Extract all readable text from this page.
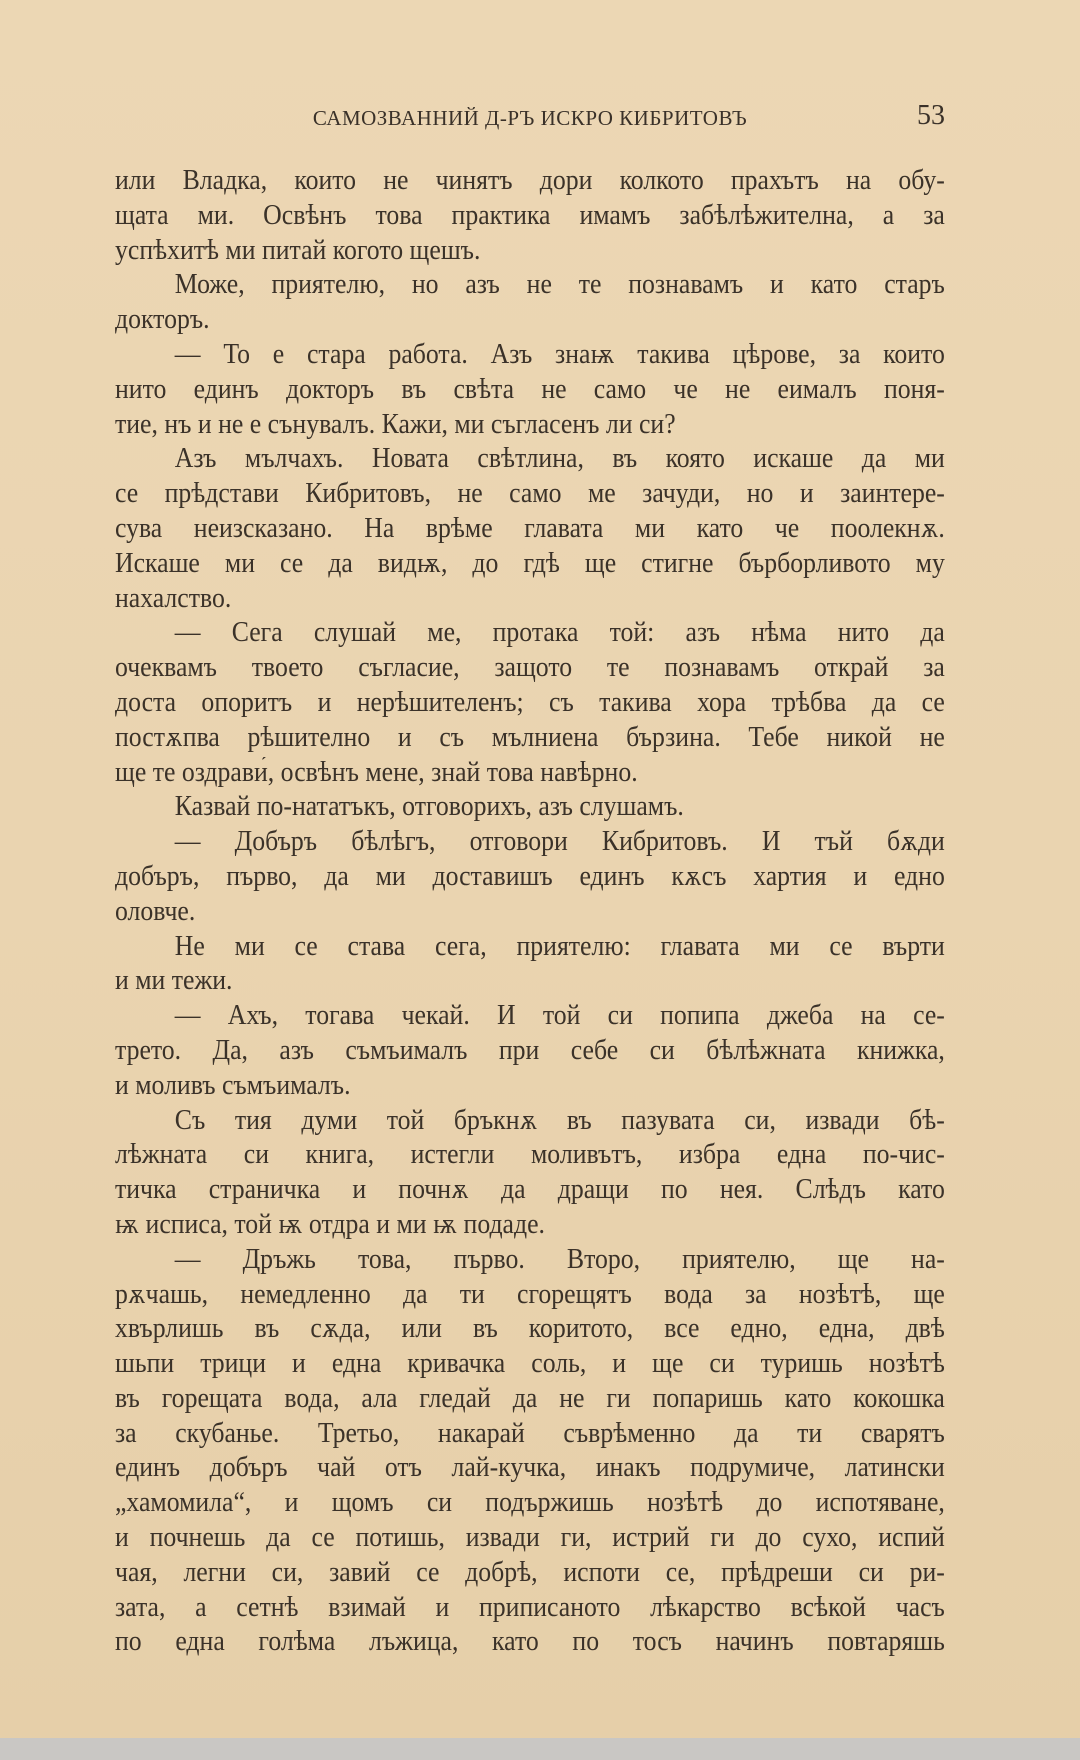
САМОЗВАННИЙ Д-РЪ ИСКРО КИБРИТОВЪ	53
или Владка, които не чинятъ дори колкото прахътъ на обу-
щата ми. Освѣнъ това практика имамъ забѣлѣжителна, а за
успѣхитѣ ми питай когото щешъ.
Може, приятелю, но азъ не те познавамъ и като старъ
докторъ.
— То е стара работа. Азъ знаѭ такива цѣрове, за които
нито единъ докторъ въ свѣта не само че не еималъ поня-
тие, нъ и не е сънувалъ. Кажи, ми съгласенъ ли си?
Азъ мълчахъ. Новата свѣтлина, въ която искаше да ми
се прѣдстави Кибритовъ, не само ме зачуди, но и заинтере-
сува неизсказано. На врѣме главата ми като че поолекнѫ.
Искаше ми се да видѭ, до гдѣ ще стигне бърборливото му
нахалство.
— Сега слушай ме, протака той: азъ нѣма нито да
очеквамъ твоето съгласие, защото те познавамъ открай за
доста опоритъ и нерѣшителенъ; съ такива хора трѣбва да се
постѫпва рѣшително и съ мълниена бързина. Тебе никой не
ще те оздрави́, освѣнъ мене, знай това навѣрно.
Казвай по-нататъкъ, отговорихъ, азъ слушамъ.
— Добъръ бѣлѣгъ, отговори Кибритовъ. И тъй бѫди
добъръ, първо, да ми доставишъ единъ кѫсъ хартия и едно
оловче.
Не ми се става сега, приятелю: главата ми се върти
и ми тежи.
— Ахъ, тогава чекай. И той си попипа джеба на се-
трето. Да, азъ съмъималъ при себе си бѣлѣжната книжка,
и моливъ съмъималъ.
Съ тия думи той бръкнѫ въ пазувата си, извади бѣ-
лѣжната си книга, истегли моливътъ, избра една по-чис-
тичка страничка и почнѫ да дращи по нея. Слѣдъ като
ѭ исписа, той ѭ отдра и ми ѭ подаде.
— Дръжь това, първо. Второ, приятелю, ще на-
рѫчашь, немедленно да ти сгорещятъ вода за нозѣтѣ, ще
хвърлишь въ сѫда, или въ коритото, все едно, една, двѣ
шьпи трици и една кривачка соль, и ще си туришь нозѣтѣ
въ горещата вода, ала гледай да не ги попаришь като кокошка
за скубанье. Третьо, накарай съврѣменно да ти сварятъ
единъ добъръ чай отъ лай-кучка, инакъ подрумиче, латински
„хамомила“, и щомъ си подържишь нозѣтѣ до испотяване,
и почнешь да се потишь, извади ги, истрий ги до сухо, испий
чая, легни си, завий се добрѣ, испоти се, прѣдреши си ри-
зата, а сетнѣ взимай и приписаното лѣкарство всѣкой часъ
по една голѣма лъжица, като по тосъ начинъ повтаряшь
